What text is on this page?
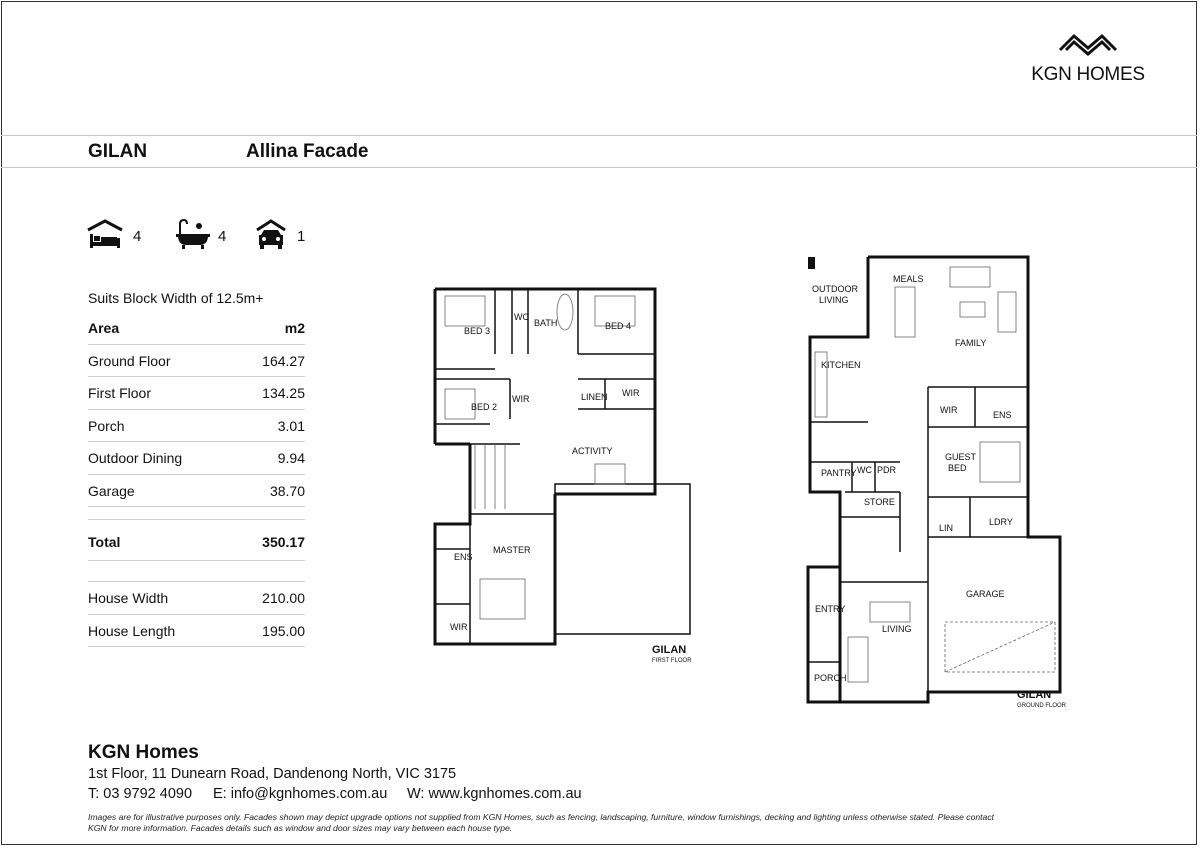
KGN HOMES
GILAN	Allina Facade
4	4	1
Suits Block Width of 12.5m+
Area	m2
Ground Floor	164.27
First Floor	134.25
Porch	3.01
Outdoor Dining	9.94
Garage	38.70
Total	350.17
House Width	210.00
House Length	195.00
BED 3
WC
BATH	BED 4
BED 2
WIR	LINEN WIR
ACTIVITY
ENS
MASTER
WIR
GILAN
FIRST FLOOR
OUTDOOR
LIVING
MEALS
FAMILY
KITCHEN
WIR	ENS
GUEST
BED
PANTRY WC PDR
STORE
LIN
LDRY
GARAGE
ENTRY
LIVING
PORCH
GILAN
GROUND FLOOR
KGN Homes
1st Floor, 11 Dunearn Road, Dandenong North, VIC 3175
T: 03 9792 4090 E: info@kgnhomes.com.au W: www.kgnhomes.com.au
Images are for illustrative purposes only. Facades shown may depict upgrade options not supplied from KGN Homes, such as fencing, landscaping, furniture, window furnishings, decking and lighting unless otherwise stated. Please contact KGN for more information. Facades details such as window and door sizes may vary between each house type.
